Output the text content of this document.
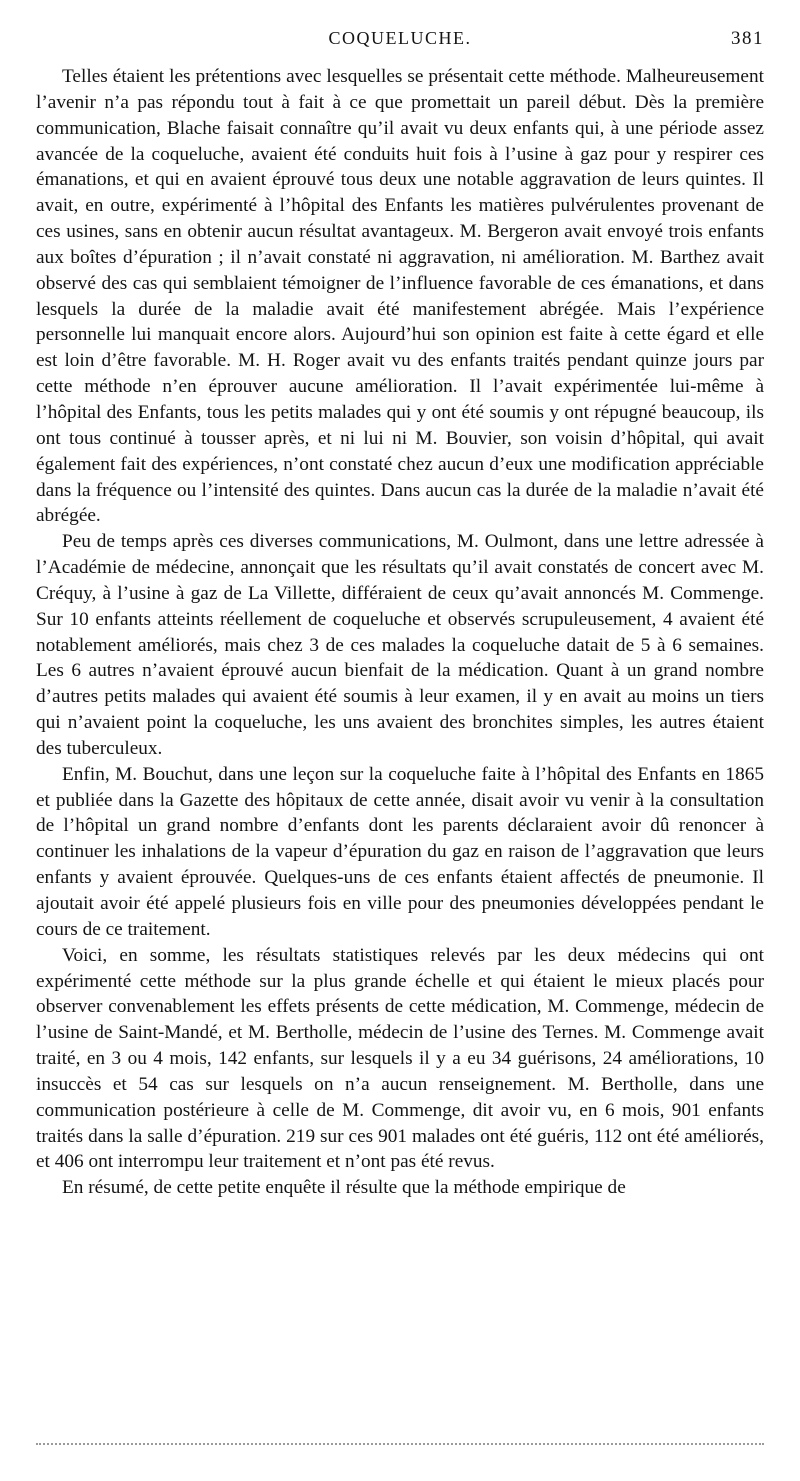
COQUELUCHE.	381

Telles étaient les prétentions avec lesquelles se présentait cette méthode. Malheureusement l’avenir n’a pas répondu tout à fait à ce que promettait un pareil début. Dès la première communication, Blache faisait connaître qu’il avait vu deux enfants qui, à une période assez avancée de la coqueluche, avaient été conduits huit fois à l’usine à gaz pour y respirer ces émanations, et qui en avaient éprouvé tous deux une notable aggravation de leurs quintes. Il avait, en outre, expérimenté à l’hôpital des Enfants les matières pulvérulentes provenant de ces usines, sans en obtenir aucun résultat avantageux. M. Bergeron avait envoyé trois enfants aux boîtes d’épuration ; il n’avait constaté ni aggravation, ni amélioration. M. Barthez avait observé des cas qui semblaient témoigner de l’influence favorable de ces émanations, et dans lesquels la durée de la maladie avait été manifestement abrégée. Mais l’expérience personnelle lui manquait encore alors. Aujourd’hui son opinion est faite à cette égard et elle est loin d’être favorable. M. H. Roger avait vu des enfants traités pendant quinze jours par cette méthode n’en éprouver aucune amélioration. Il l’avait expérimentée lui-même à l’hôpital des Enfants, tous les petits malades qui y ont été soumis y ont répugné beaucoup, ils ont tous continué à tousser après, et ni lui ni M. Bouvier, son voisin d’hôpital, qui avait également fait des expériences, n’ont constaté chez aucun d’eux une modification appréciable dans la fréquence ou l’intensité des quintes. Dans aucun cas la durée de la maladie n’avait été abrégée.

Peu de temps après ces diverses communications, M. Oulmont, dans une lettre adressée à l’Académie de médecine, annonçait que les résultats qu’il avait constatés de concert avec M. Créquy, à l’usine à gaz de La Villette, différaient de ceux qu’avait annoncés M. Commenge. Sur 10 enfants atteints réellement de coqueluche et observés scrupuleusement, 4 avaient été notablement améliorés, mais chez 3 de ces malades la coqueluche datait de 5 à 6 semaines. Les 6 autres n’avaient éprouvé aucun bienfait de la médication. Quant à un grand nombre d’autres petits malades qui avaient été soumis à leur examen, il y en avait au moins un tiers qui n’avaient point la coqueluche, les uns avaient des bronchites simples, les autres étaient des tuberculeux.

Enfin, M. Bouchut, dans une leçon sur la coqueluche faite à l’hôpital des Enfants en 1865 et publiée dans la Gazette des hôpitaux de cette année, disait avoir vu venir à la consultation de l’hôpital un grand nombre d’enfants dont les parents déclaraient avoir dû renoncer à continuer les inhalations de la vapeur d’épuration du gaz en raison de l’aggravation que leurs enfants y avaient éprouvée. Quelques-uns de ces enfants étaient affectés de pneumonie. Il ajoutait avoir été appelé plusieurs fois en ville pour des pneumonies développées pendant le cours de ce traitement.

Voici, en somme, les résultats statistiques relevés par les deux médecins qui ont expérimenté cette méthode sur la plus grande échelle et qui étaient le mieux placés pour observer convenablement les effets présents de cette médication, M. Commenge, médecin de l’usine de Saint-Mandé, et M. Bertholle, médecin de l’usine des Ternes. M. Commenge avait traité, en 3 ou 4 mois, 142 enfants, sur lesquels il y a eu 34 guérisons, 24 améliorations, 10 insuccès et 54 cas sur lesquels on n’a aucun renseignement. M. Bertholle, dans une communication postérieure à celle de M. Commenge, dit avoir vu, en 6 mois, 901 enfants traités dans la salle d’épuration. 219 sur ces 901 malades ont été guéris, 112 ont été améliorés, et 406 ont interrompu leur traitement et n’ont pas été revus.

En résumé, de cette petite enquête il résulte que la méthode empirique de
